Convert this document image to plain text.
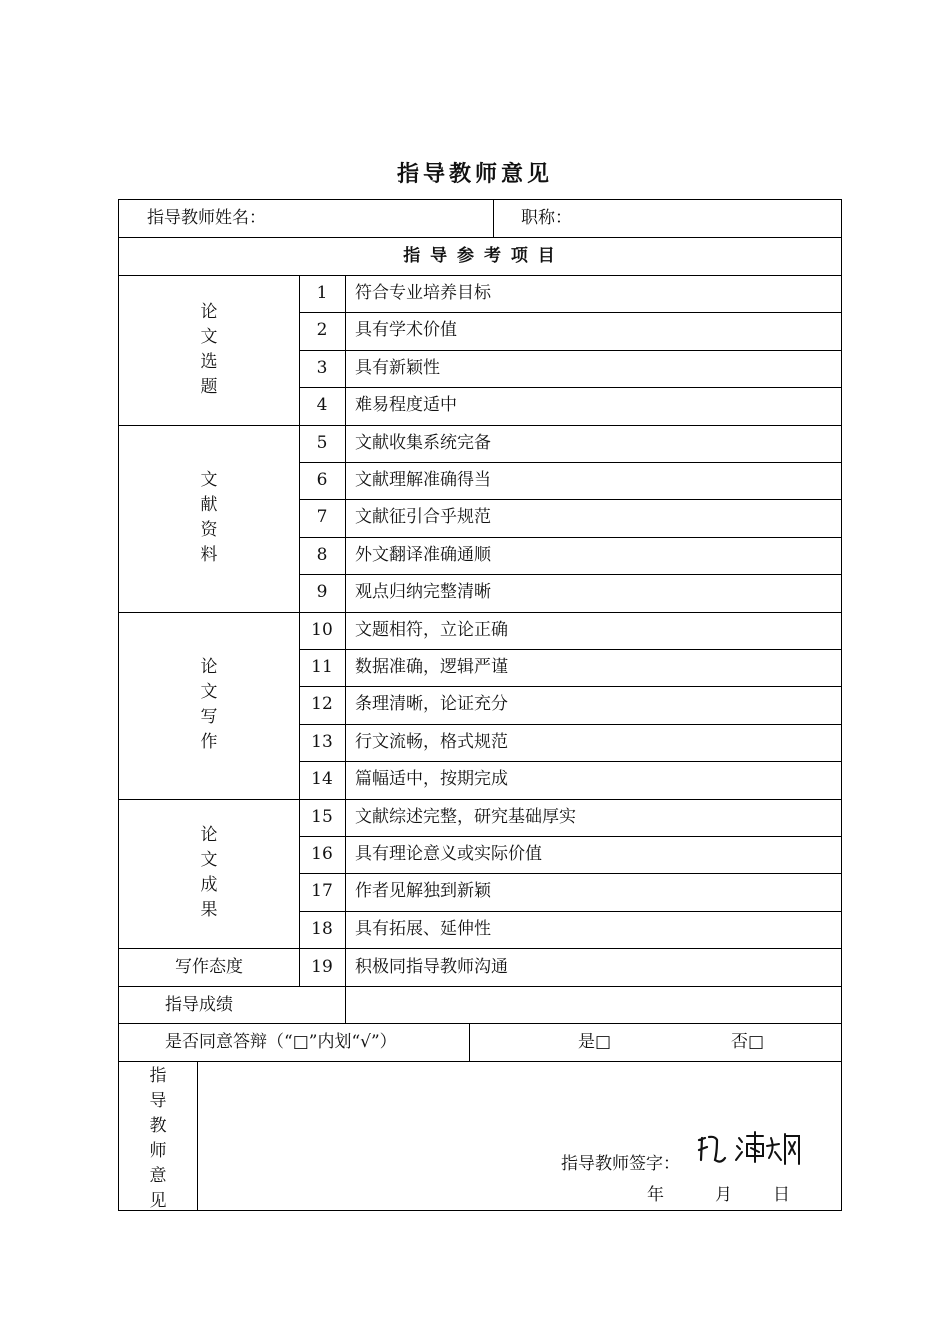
指导教师意见
指导教师姓名：	职称：
指 导 参 考 项 目
论文选题
1	符合专业培养目标
2	具有学术价值
3	具有新颖性
4	难易程度适中
文献资料
5	文献收集系统完备
6	文献理解准确得当
7	文献征引合乎规范
8	外文翻译准确通顺
9	观点归纳完整清晰
论文写作
10	文题相符，立论正确
11	数据准确，逻辑严谨
12	条理清晰，论证充分
13	行文流畅，格式规范
14	篇幅适中，按期完成
论文成果
15	文献综述完整，研究基础厚实
16	具有理论意义或实际价值
17	作者见解独到新颖
18	具有拓展、延伸性
写作态度	19	积极同指导教师沟通
指导成绩
是否同意答辩（“□”内划“√”）	是□	否□
指导教师意见
指导教师签字：
年	月 日
